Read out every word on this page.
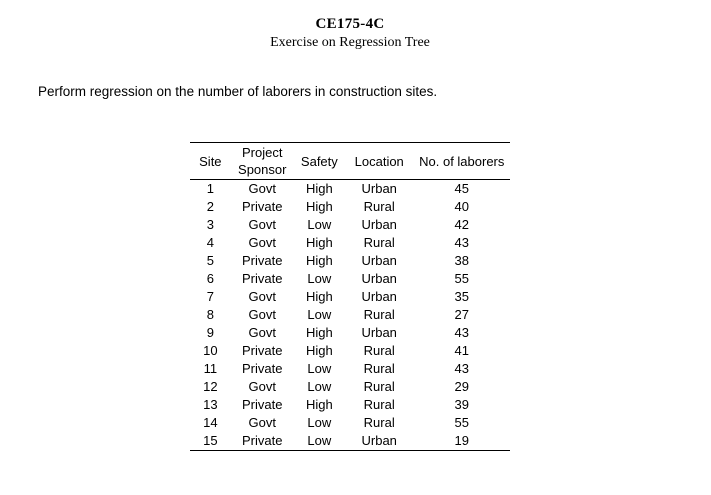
CE175-4C
Exercise on Regression Tree
Perform regression on the number of laborers in construction sites.
Site	Project Sponsor	Safety	Location	No. of laborers
1	Govt	High	Urban	45
2	Private	High	Rural	40
3	Govt	Low	Urban	42
4	Govt	High	Rural	43
5	Private	High	Urban	38
6	Private	Low	Urban	55
7	Govt	High	Urban	35
8	Govt	Low	Rural	27
9	Govt	High	Urban	43
10	Private	High	Rural	41
11	Private	Low	Rural	43
12	Govt	Low	Rural	29
13	Private	High	Rural	39
14	Govt	Low	Rural	55
15	Private	Low	Urban	19
